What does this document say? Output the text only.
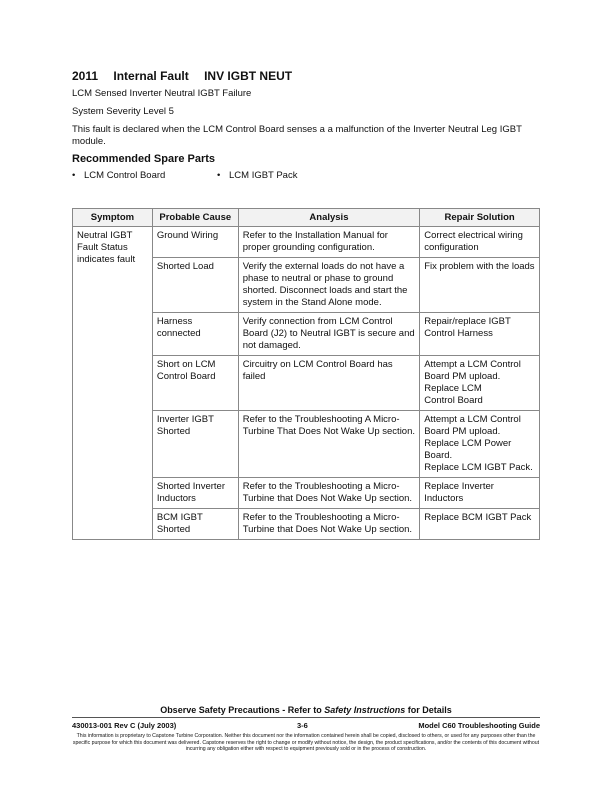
2011 Internal Fault INV IGBT NEUT
LCM Sensed Inverter Neutral IGBT Failure
System Severity Level 5
This fault is declared when the LCM Control Board senses a a malfunction of the Inverter Neutral Leg IGBT module.
Recommended Spare Parts
• LCM Control Board	• LCM IGBT Pack
Symptom	Probable Cause	Analysis	Repair Solution
Neutral IGBT Fault Status indicates fault	Ground Wiring	Refer to the Installation Manual for proper grounding configuration.	Correct electrical wiring configuration
	Shorted Load	Verify the external loads do not have a phase to neutral or phase to ground shorted. Disconnect loads and start the system in the Stand Alone mode.	Fix problem with the loads
	Harness connected	Verify connection from LCM Control Board (J2) to Neutral IGBT is secure and not damaged.	Repair/replace IGBT Control Harness
	Short on LCM Control Board	Circuitry on LCM Control Board has failed	Attempt a LCM Control Board PM upload.
Replace LCM
Control Board

	Inverter IGBT Shorted	Refer to the Troubleshooting A Micro-Turbine That Does Not Wake Up section.	Attempt a LCM Control Board PM upload.
Replace LCM Power Board.
Replace LCM IGBT Pack.

	Shorted Inverter Inductors	Refer to the Troubleshooting a Micro-Turbine that Does Not Wake Up section.	Replace Inverter Inductors
	BCM IGBT Shorted	Refer to the Troubleshooting a Micro-Turbine that Does Not Wake Up section.	Replace BCM IGBT Pack
Observe Safety Precautions - Refer to Safety Instructions for Details
430013-001 Rev C (July 2003)	3-6	Model C60 Troubleshooting Guide
This information is proprietary to Capstone Turbine Corporation. Neither this document nor the information contained herein shall be copied, disclosed to others, or used for any purposes other than the specific purpose for which this document was delivered. Capstone reserves the right to change or modify without notice, the design, the product specifications, and/or the contents of this document without incurring any obligation either with respect to equipment previously sold or in the process of construction.
